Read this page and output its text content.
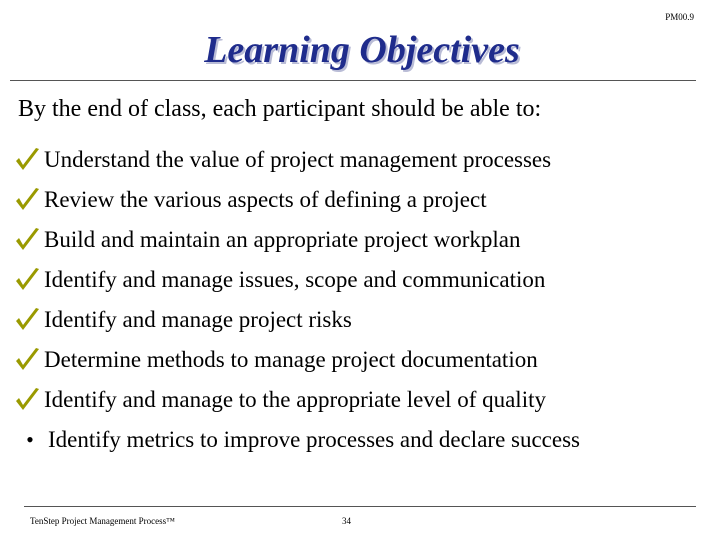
PM00.9
Learning Objectives
By the end of class, each participant should be able to:
Understand the value of project management processes
Review the various aspects of defining a project
Build and maintain an appropriate project workplan
Identify and manage issues, scope and communication
Identify and manage project risks
Determine methods to manage project documentation
Identify and manage to the appropriate level of quality
• Identify metrics to improve processes and declare success
TenStep Project Management Process™	34
